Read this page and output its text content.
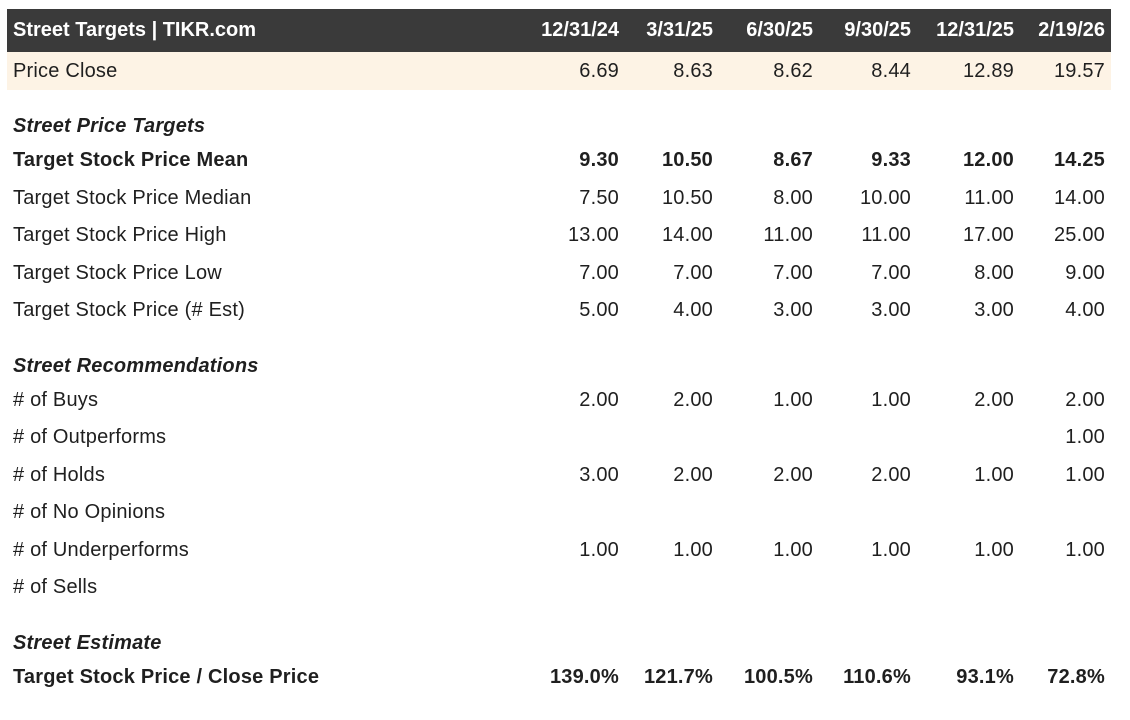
Street Targets | TIKR.com	12/31/24	3/31/25	6/30/25	9/30/25	12/31/25	2/19/26
Price Close	6.69	8.63	8.62	8.44	12.89	19.57

Street Price Targets						
Target Stock Price Mean	9.30	10.50	8.67	9.33	12.00	14.25
Target Stock Price Median	7.50	10.50	8.00	10.00	11.00	14.00
Target Stock Price High	13.00	14.00	11.00	11.00	17.00	25.00
Target Stock Price Low	7.00	7.00	7.00	7.00	8.00	9.00
Target Stock Price (# Est)	5.00	4.00	3.00	3.00	3.00	4.00

Street Recommendations						
# of Buys	2.00	2.00	1.00	1.00	2.00	2.00
# of Outperforms						1.00
# of Holds	3.00	2.00	2.00	2.00	1.00	1.00
# of No Opinions						
# of Underperforms	1.00	1.00	1.00	1.00	1.00	1.00
# of Sells						

Street Estimate						
Target Stock Price / Close Price	139.0%	121.7%	100.5%	110.6%	93.1%	72.8%
